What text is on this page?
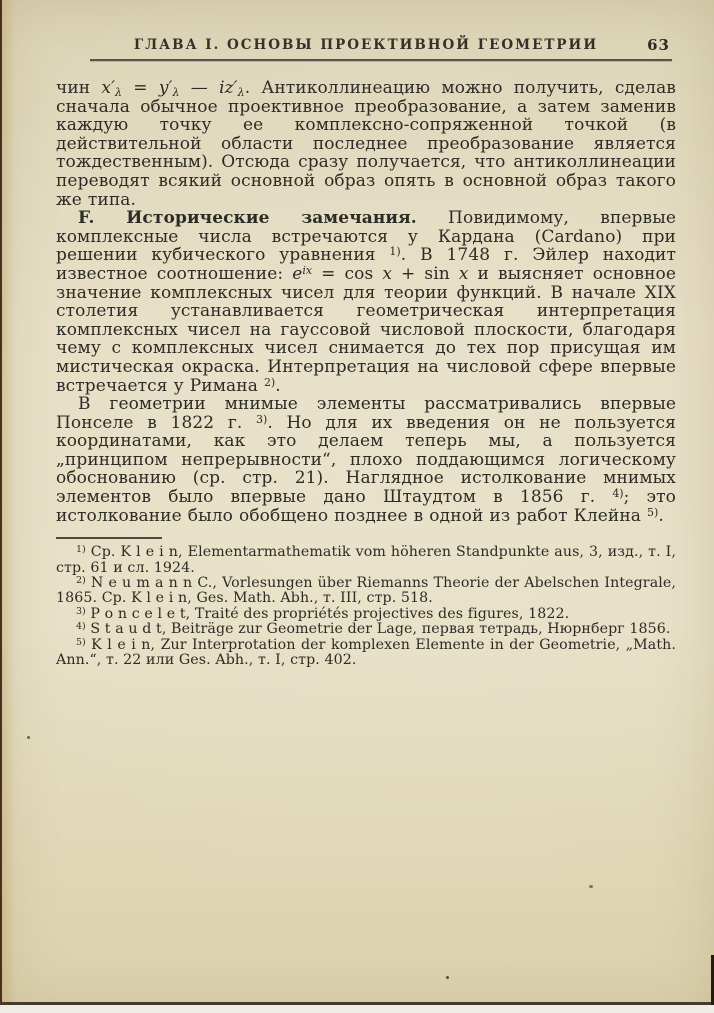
ГЛАВА I. ОСНОВЫ ПРОЕКТИВНОЙ ГЕОМЕТРИИ	63

чин $x'_\lambda = y'_\lambda$ — $iz'_\lambda$. Антиколлинеацию можно получить, сделав сначала обычное проективное преобразование, а затем заменив каждую точку ее комплексно-сопряженной точкой (в действительной области последнее преобразование является тождественным). Отсюда сразу получается, что антиколлинеации переводят всякий основной образ опять в основной образ такого же типа.

F. Исторические замечания. Повидимому, впервые комплексные числа встречаются у Кардана (Cardano) при решении кубического уравнения $^{1)}$. В 1748 г. Эйлер находит известное соотношение: $e^{ix} = \cos x + \sin x$ и выясняет основное значение комплексных чисел для теории функций. В начале XIX столетия устанавливается геометрическая интерпретация комплексных чисел на гауссовой числовой плоскости, благодаря чему с комплексных чисел снимается до тех пор присущая им мистическая окраска. Интерпретация на числовой сфере впервые встречается у Римана $^{2)}$.

В геометрии мнимые элементы рассматривались впервые Понселе в 1822 г. $^{3)}$. Но для их введения он не пользуется координатами, как это делаем теперь мы, а пользуется „принципом непрерывности“, плохо поддающимся логическому обоснованию (ср. стр. 21). Наглядное истолкование мнимых элементов было впервые дано Штаудтом в 1856 г. $^{4)}$; это истолкование было обобщено позднее в одной из работ Клейна $^{5)}$.

$^{1)}$ Ср. K l e i n, Elementarmathematik vom höheren Standpunkte aus, 3, изд., т. I, стр. 61 и сл. 1924.

$^{2)}$ N e u m a n n C., Vorlesungen über Riemanns Theorie der Abelschen Integrale, 1865. Ср. K l e i n, Ges. Math. Abh., т. III, стр. 518.

$^{3)}$ P o n c e l e t, Traité des propriétés projectives des figures, 1822.

$^{4)}$ S t a u d t, Beiträge zur Geometrie der Lage, первая тетрадь, Нюрнберг 1856.

$^{5)}$ K l e i n, Zur Interprotation der komplexen Elemente in der Geometrie, „Math. Ann.“, т. 22 или Ges. Abh., т. I, стр. 402.
